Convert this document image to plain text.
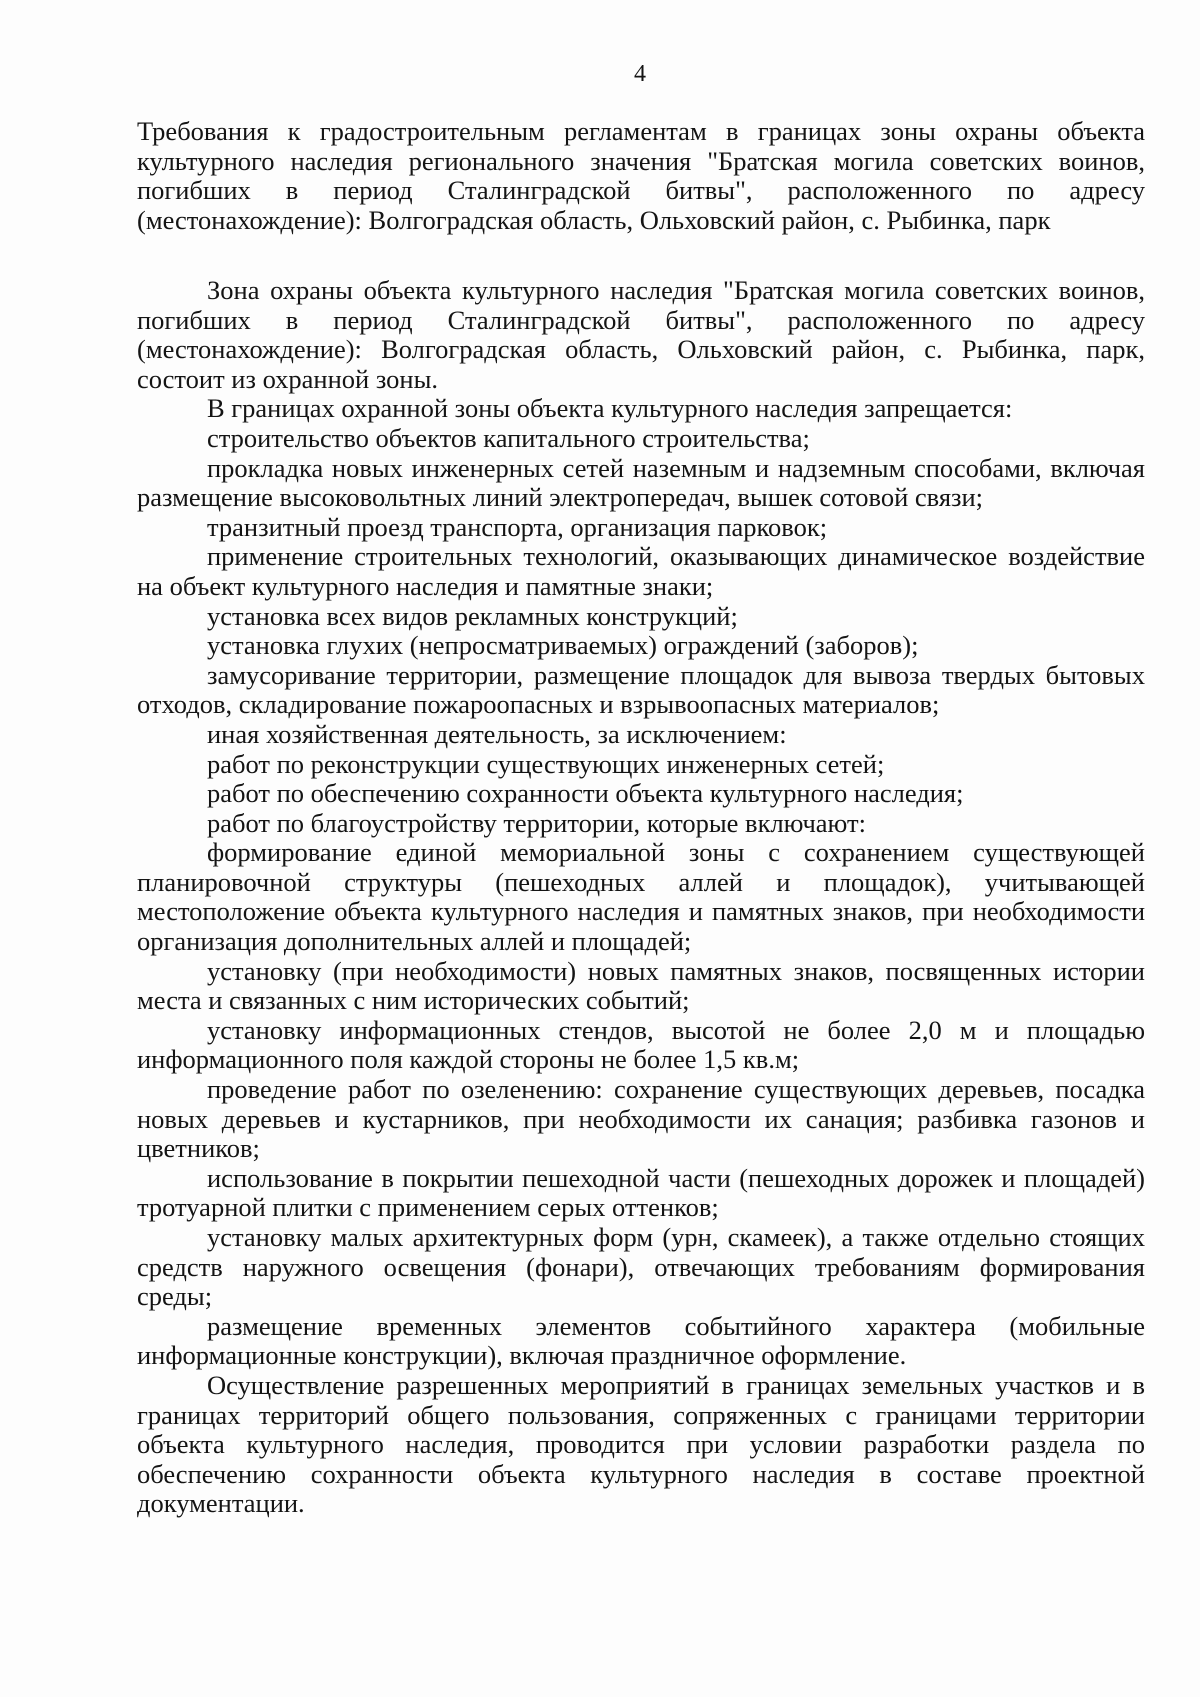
4

Требования к градостроительным регламентам в границах зоны охраны объекта культурного наследия регионального значения "Братская могила советских воинов, погибших в период Сталинградской битвы", расположенного по адресу (местонахождение): Волгоградская область, Ольховский район, с. Рыбинка, парк

Зона охраны объекта культурного наследия "Братская могила советских воинов, погибших в период Сталинградской битвы", расположенного по адресу (местонахождение): Волгоградская область, Ольховский район, с. Рыбинка, парк, состоит из охранной зоны.

В границах охранной зоны объекта культурного наследия запрещается:

строительство объектов капитального строительства;

прокладка новых инженерных сетей наземным и надземным способами, включая размещение высоковольтных линий электропередач, вышек сотовой связи;

транзитный проезд транспорта, организация парковок;

применение строительных технологий, оказывающих динамическое воздействие на объект культурного наследия и памятные знаки;

установка всех видов рекламных конструкций;

установка глухих (непросматриваемых) ограждений (заборов);

замусоривание территории, размещение площадок для вывоза твердых бытовых отходов, складирование пожароопасных и взрывоопасных материалов;

иная хозяйственная деятельность, за исключением:

работ по реконструкции существующих инженерных сетей;

работ по обеспечению сохранности объекта культурного наследия;

работ по благоустройству территории, которые включают:

формирование единой мемориальной зоны с сохранением существующей планировочной структуры (пешеходных аллей и площадок), учитывающей местоположение объекта культурного наследия и памятных знаков, при необходимости организация дополнительных аллей и площадей;

установку (при необходимости) новых памятных знаков, посвященных истории места и связанных с ним исторических событий;

установку информационных стендов, высотой не более 2,0 м и площадью информационного поля каждой стороны не более 1,5 кв.м;

проведение работ по озеленению: сохранение существующих деревьев, посадка новых деревьев и кустарников, при необходимости их санация; разбивка газонов и цветников;

использование в покрытии пешеходной части (пешеходных дорожек и площадей) тротуарной плитки с применением серых оттенков;

установку малых архитектурных форм (урн, скамеек), а также отдельно стоящих средств наружного освещения (фонари), отвечающих требованиям формирования среды;

размещение временных элементов событийного характера (мобильные информационные конструкции), включая праздничное оформление.

Осуществление разрешенных мероприятий в границах земельных участков и в границах территорий общего пользования, сопряженных с границами территории объекта культурного наследия, проводится при условии разработки раздела по обеспечению сохранности объекта культурного наследия в составе проектной документации.
